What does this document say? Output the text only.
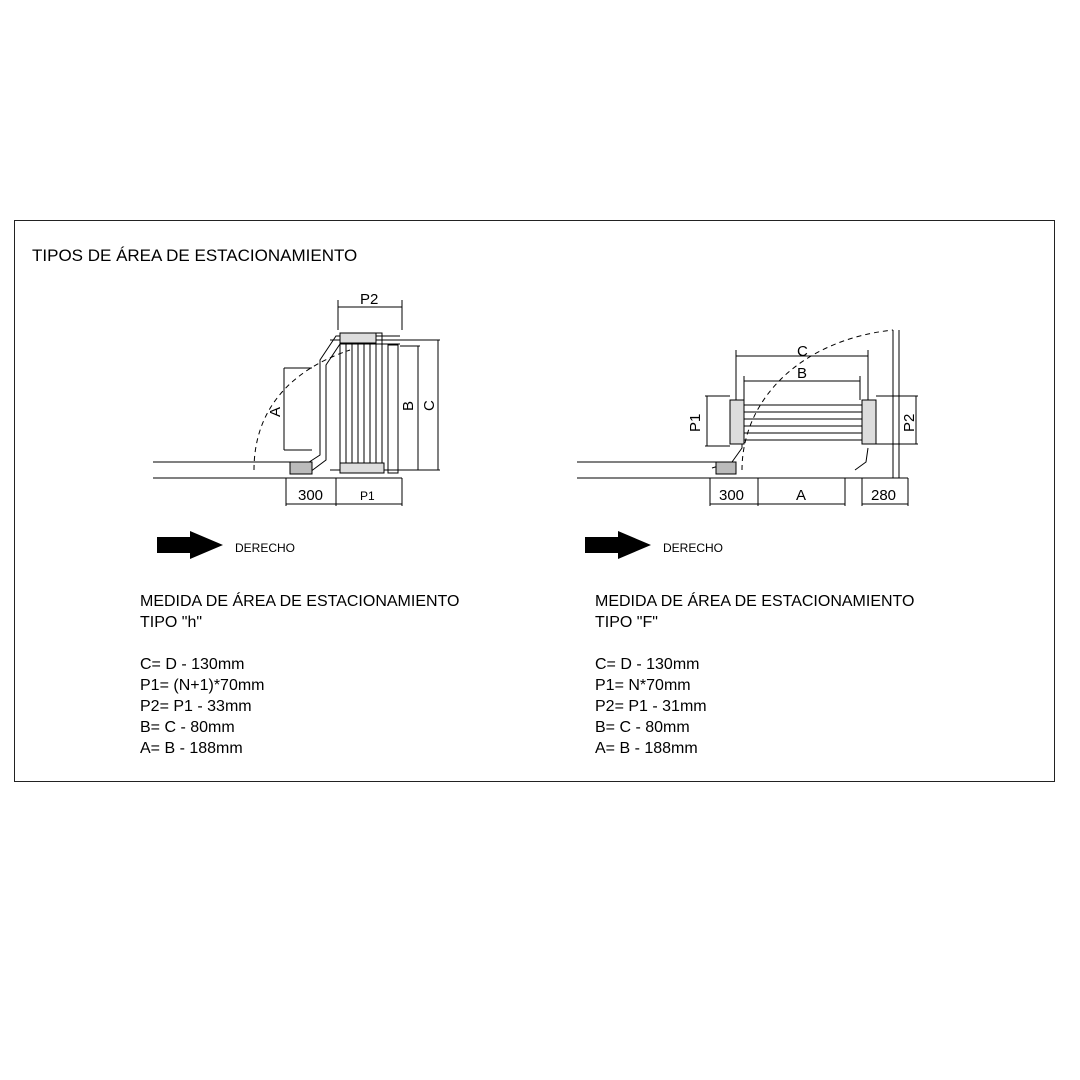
TIPOS DE ÁREA DE ESTACIONAMIENTO
P2
B C
A
300	P1
C
B
P1	P2
300	A	280
DERECHO	DERECHO

MEDIDA DE ÁREA DE ESTACIONAMIENTO

TIPO "h"

C= D - 130mm

P1= (N+1)*70mm

P2= P1 - 33mm

B= C - 80mm

A= B - 188mm

MEDIDA DE ÁREA DE ESTACIONAMIENTO

TIPO "F"

C= D - 130mm

P1= N*70mm

P2= P1 - 31mm

B= C - 80mm

A= B - 188mm
